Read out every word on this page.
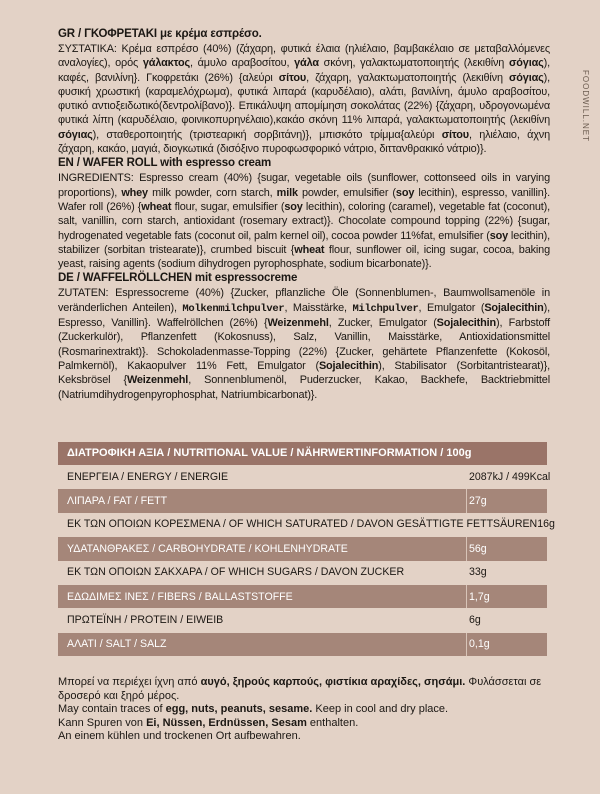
FOODWILL.NET

GR / ΓΚΟΦΡΕΤΑΚΙ με κρέμα εσπρέσο.

ΣΥΣΤΑΤΙΚΑ: Κρέμα εσπρέσο (40%) (ζάχαρη, φυτικά έλαια (ηλιέλαιο, βαμβακέλαιο σε μεταβαλλόμενες αναλογίες), ορός γάλακτος, άμυλο αραβοσίτου, γάλα σκόνη, γαλακτωματοποιητής (λεκιθίνη σόγιας), καφές, βανιλίνη}. Γκοφρετάκι (26%) {αλεύρι σίτου, ζάχαρη, γαλακτωματοποιητής (λεκιθίνη σόγιας), φυσική χρωστική (καραμελόχρωμα), φυτικά λιπαρά (καρυδέλαιο), αλάτι, βανιλίνη, άμυλο αραβοσίτου, φυτικό αντιοξειδωτικό(δεντρολίβανο)}. Επικάλυψη απομίμηση σοκολάτας (22%) {ζάχαρη, υδρογονωμένα φυτικά λίπη (καρυδέλαιο, φοινικοπυρηνέλαιο),κακάο σκόνη 11% λιπαρά, γαλακτωματοποιητής (λεκιθίνη σόγιας), σταθεροποιητής (τριστεαρική σορβιτάνη)}, μπισκότο τρίμμα{αλεύρι σίτου, ηλιέλαιο, άχνη ζάχαρη, κακάο, μαγιά, διογκωτικά (δισόξινο πυροφωσφορικό νάτριο, διττανθρακικό νάτριο)}.

EN / WAFER ROLL with espresso cream

INGREDIENTS: Espresso cream (40%) {sugar, vegetable oils (sunflower, cottonseed oils in varying proportions), whey milk powder, corn starch, milk powder, emulsifier (soy lecithin), espresso, vanillin}. Wafer roll (26%) {wheat flour, sugar, emulsifier (soy lecithin), coloring (caramel), vegetable fat (coconut), salt, vanillin, corn starch, antioxidant (rosemary extract)}. Chocolate compound topping (22%) {sugar, hydrogenated vegetable fats (coconut oil, palm kernel oil), cocoa powder 11%fat, emulsifier (soy lecithin), stabilizer (sorbitan tristearate)}, crumbed biscuit {wheat flour, sunflower oil, icing sugar, cocoa, baking yeast, raising agents (sodium dihydrogen pyrophosphate, sodium bicarbonate)}.

DE / WAFFELRÖLLCHEN mit espressocreme

ZUTATEN: Espressocreme (40%) {Zucker, pflanzliche Öle (Sonnenblumen-, Baumwollsamenöle in veränderlichen Anteilen), Molkenmilchpulver, Maisstärke, Milchpulver, Emulgator (Sojalecithin), Espresso, Vanillin}. Waffelröllchen (26%) {Weizenmehl, Zucker, Emulgator (Sojalecithin), Farbstoff (Zuckerkulör), Pflanzenfett (Kokosnuss), Salz, Vanillin, Maisstärke, Antioxidationsmittel (Rosmarinextrakt)}. Schokoladenmasse-Topping (22%) {Zucker, gehärtete Pflanzenfette (Kokosöl, Palmkernöl), Kakaopulver 11% Fett, Emulgator (Sojalecithin), Stabilisator (Sorbitantristearat)}, Keksbrösel {Weizenmehl, Sonnenblumenöl, Puderzucker, Kakao, Backhefe, Backtriebmittel (Natriumdihydrogenpyrophosphat, Natriumbicarbonat)}.

ΔΙΑΤΡΟΦΙΚΗ ΑΞΙΑ / NUTRITIONAL VALUE / NÄHRWERTINFORMATION / 100g
ΕΝΕΡΓΕΙΑ / ENERGY / ENERGIE	2087kJ / 499Kcal
ΛΙΠΑΡΑ / FAT / FETT	27g
ΕΚ ΤΩΝ ΟΠΟΙΩΝ ΚΟΡΕΣΜΕΝΑ / OF WHICH SATURATED / DAVON GESÄTTIGTE FETTSÄUREN 16g
ΥΔΑΤΑΝΘΡΑΚΕΣ / CARBOHYDRATE / KOHLENHYDRATE	56g
ΕΚ ΤΩΝ ΟΠΟΙΩΝ ΣΑΚΧΑΡΑ / OF WHICH SUGARS / DAVON ZUCKER	33g
ΕΔΩΔΙΜΕΣ ΙΝΕΣ / FIBERS / BALLASTSTOFFE	1,7g
ΠΡΩΤΕΪΝΗ / PROTEIN / EIWEIB	6g
ΑΛΑΤΙ / SALT / SALZ	0,1g

Μπορεί να περιέχει ίχνη από αυγό, ξηρούς καρπούς, φιστίκια αραχίδες, σησάμι. Φυλάσσεται σε δροσερό και ξηρό μέρος.

May contain traces of egg, nuts, peanuts, sesame. Keep in cool and dry place.

Kann Spuren von Ei, Nüssen, Erdnüssen, Sesam enthalten.

An einem kühlen und trockenen Ort aufbewahren.
